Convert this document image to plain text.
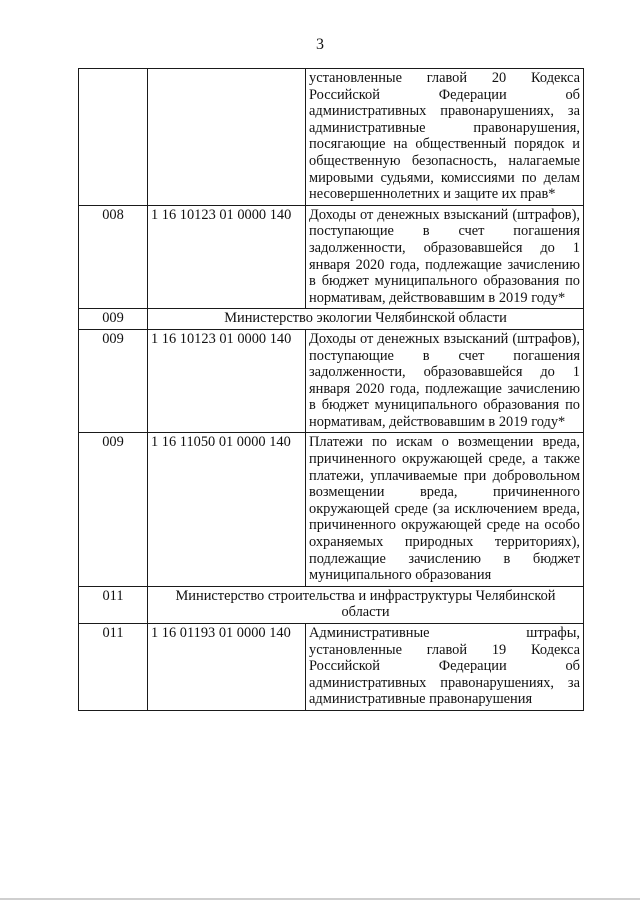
3
		установленные главой 20 Кодекса Российской Федерации об административных правонарушениях, за административные правонарушения, посягающие на общественный порядок и общественную безопасность, налагаемые мировыми судьями, комиссиями по делам несовершеннолетних и защите их прав*
008	1 16 10123 01 0000 140	Доходы от денежных взысканий (штрафов), поступающие в счет погашения задолженности, образовавшейся до 1 января 2020 года, подлежащие зачислению в бюджет муниципального образования по нормативам, действовавшим в 2019 году*
009	Министерство экологии Челябинской области	
009	1 16 10123 01 0000 140	Доходы от денежных взысканий (штрафов), поступающие в счет погашения задолженности, образовавшейся до 1 января 2020 года, подлежащие зачислению в бюджет муниципального образования по нормативам, действовавшим в 2019 году*
009	1 16 11050 01 0000 140	Платежи по искам о возмещении вреда, причиненного окружающей среде, а также платежи, уплачиваемые при добровольном возмещении вреда, причиненного окружающей среде (за исключением вреда, причиненного окружающей среде на особо охраняемых природных территориях), подлежащие зачислению в бюджет муниципального образования
011	Министерство строительства и инфраструктуры Челябинской области	
011	1 16 01193 01 0000 140	Административные штрафы, установленные главой 19 Кодекса Российской Федерации об административных правонарушениях, за административные правонарушения
